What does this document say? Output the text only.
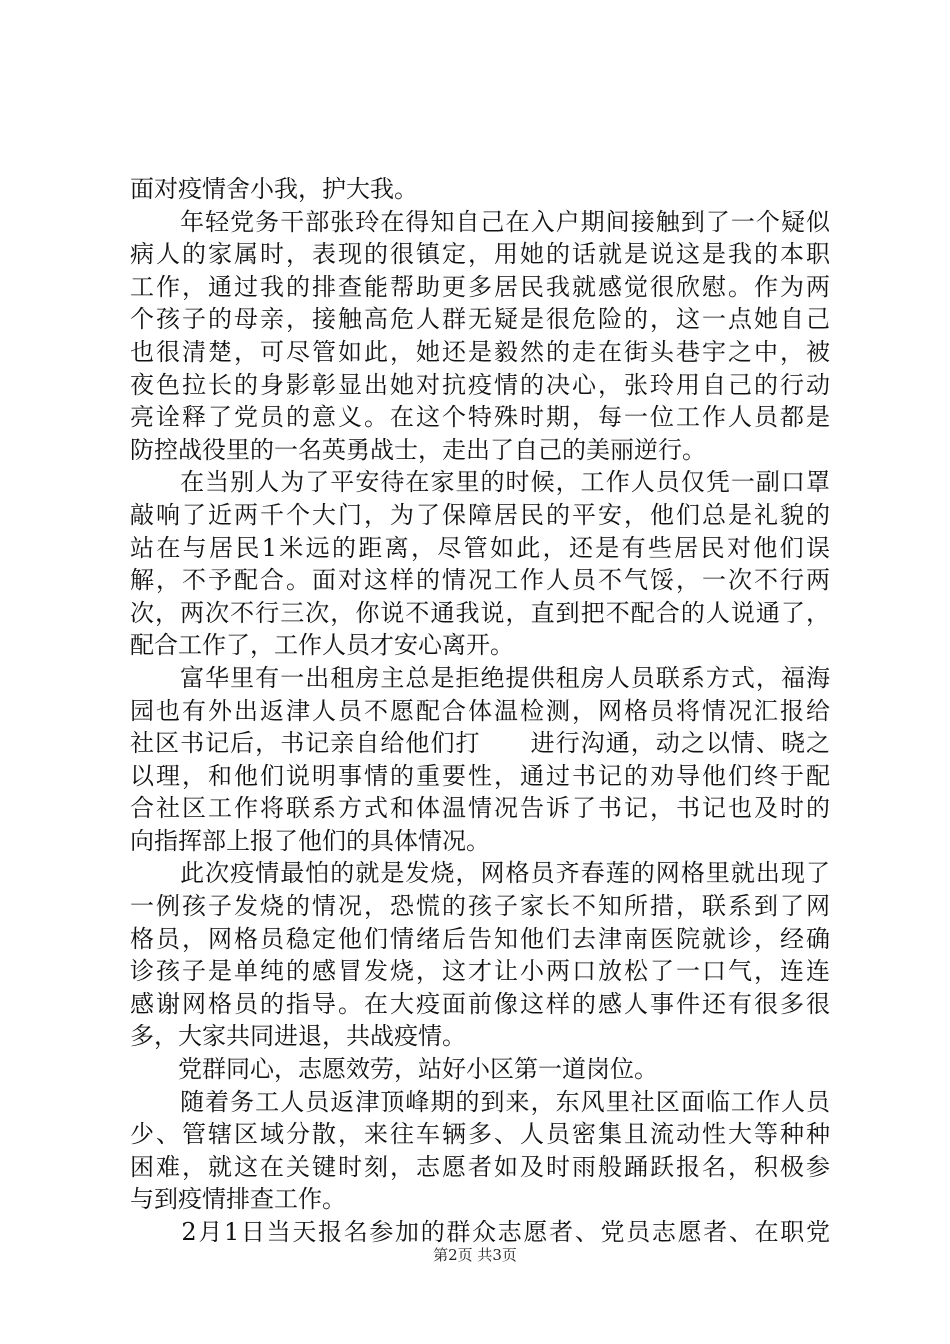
面对疫情舍小我，护大我。
　　年轻党务干部张玲在得知自己在入户期间接触到了一个疑似
病人的家属时，表现的很镇定，用她的话就是说这是我的本职
工作，通过我的排查能帮助更多居民我就感觉很欣慰。作为两
个孩子的母亲，接触高危人群无疑是很危险的，这一点她自己
也很清楚，可尽管如此，她还是毅然的走在街头巷宇之中，被
夜色拉长的身影彰显出她对抗疫情的决心，张玲用自己的行动
亮诠释了党员的意义。在这个特殊时期，每一位工作人员都是
防控战役里的一名英勇战士，走出了自己的美丽逆行。
　　在当别人为了平安待在家里的时候，工作人员仅凭一副口罩
敲响了近两千个大门，为了保障居民的平安，他们总是礼貌的
站在与居民1米远的距离，尽管如此，还是有些居民对他们误
解，不予配合。面对这样的情况工作人员不气馁，一次不行两
次，两次不行三次，你说不通我说，直到把不配合的人说通了，
配合工作了，工作人员才安心离开。
　　富华里有一出租房主总是拒绝提供租房人员联系方式，福海
园也有外出返津人员不愿配合体温检测，网格员将情况汇报给
社区书记后，书记亲自给他们打　　进行沟通，动之以情、晓之
以理，和他们说明事情的重要性，通过书记的劝导他们终于配
合社区工作将联系方式和体温情况告诉了书记，书记也及时的
向指挥部上报了他们的具体情况。
　　此次疫情最怕的就是发烧，网格员齐春莲的网格里就出现了
一例孩子发烧的情况，恐慌的孩子家长不知所措，联系到了网
格员，网格员稳定他们情绪后告知他们去津南医院就诊，经确
诊孩子是单纯的感冒发烧，这才让小两口放松了一口气，连连
感谢网格员的指导。在大疫面前像这样的感人事件还有很多很
多，大家共同进退，共战疫情。
　　党群同心，志愿效劳，站好小区第一道岗位。
　　随着务工人员返津顶峰期的到来，东风里社区面临工作人员
少、管辖区域分散，来往车辆多、人员密集且流动性大等种种
困难，就这在关键时刻，志愿者如及时雨般踊跃报名，积极参
与到疫情排查工作。
　　2月1日当天报名参加的群众志愿者、党员志愿者、在职党
第2页 共3页
